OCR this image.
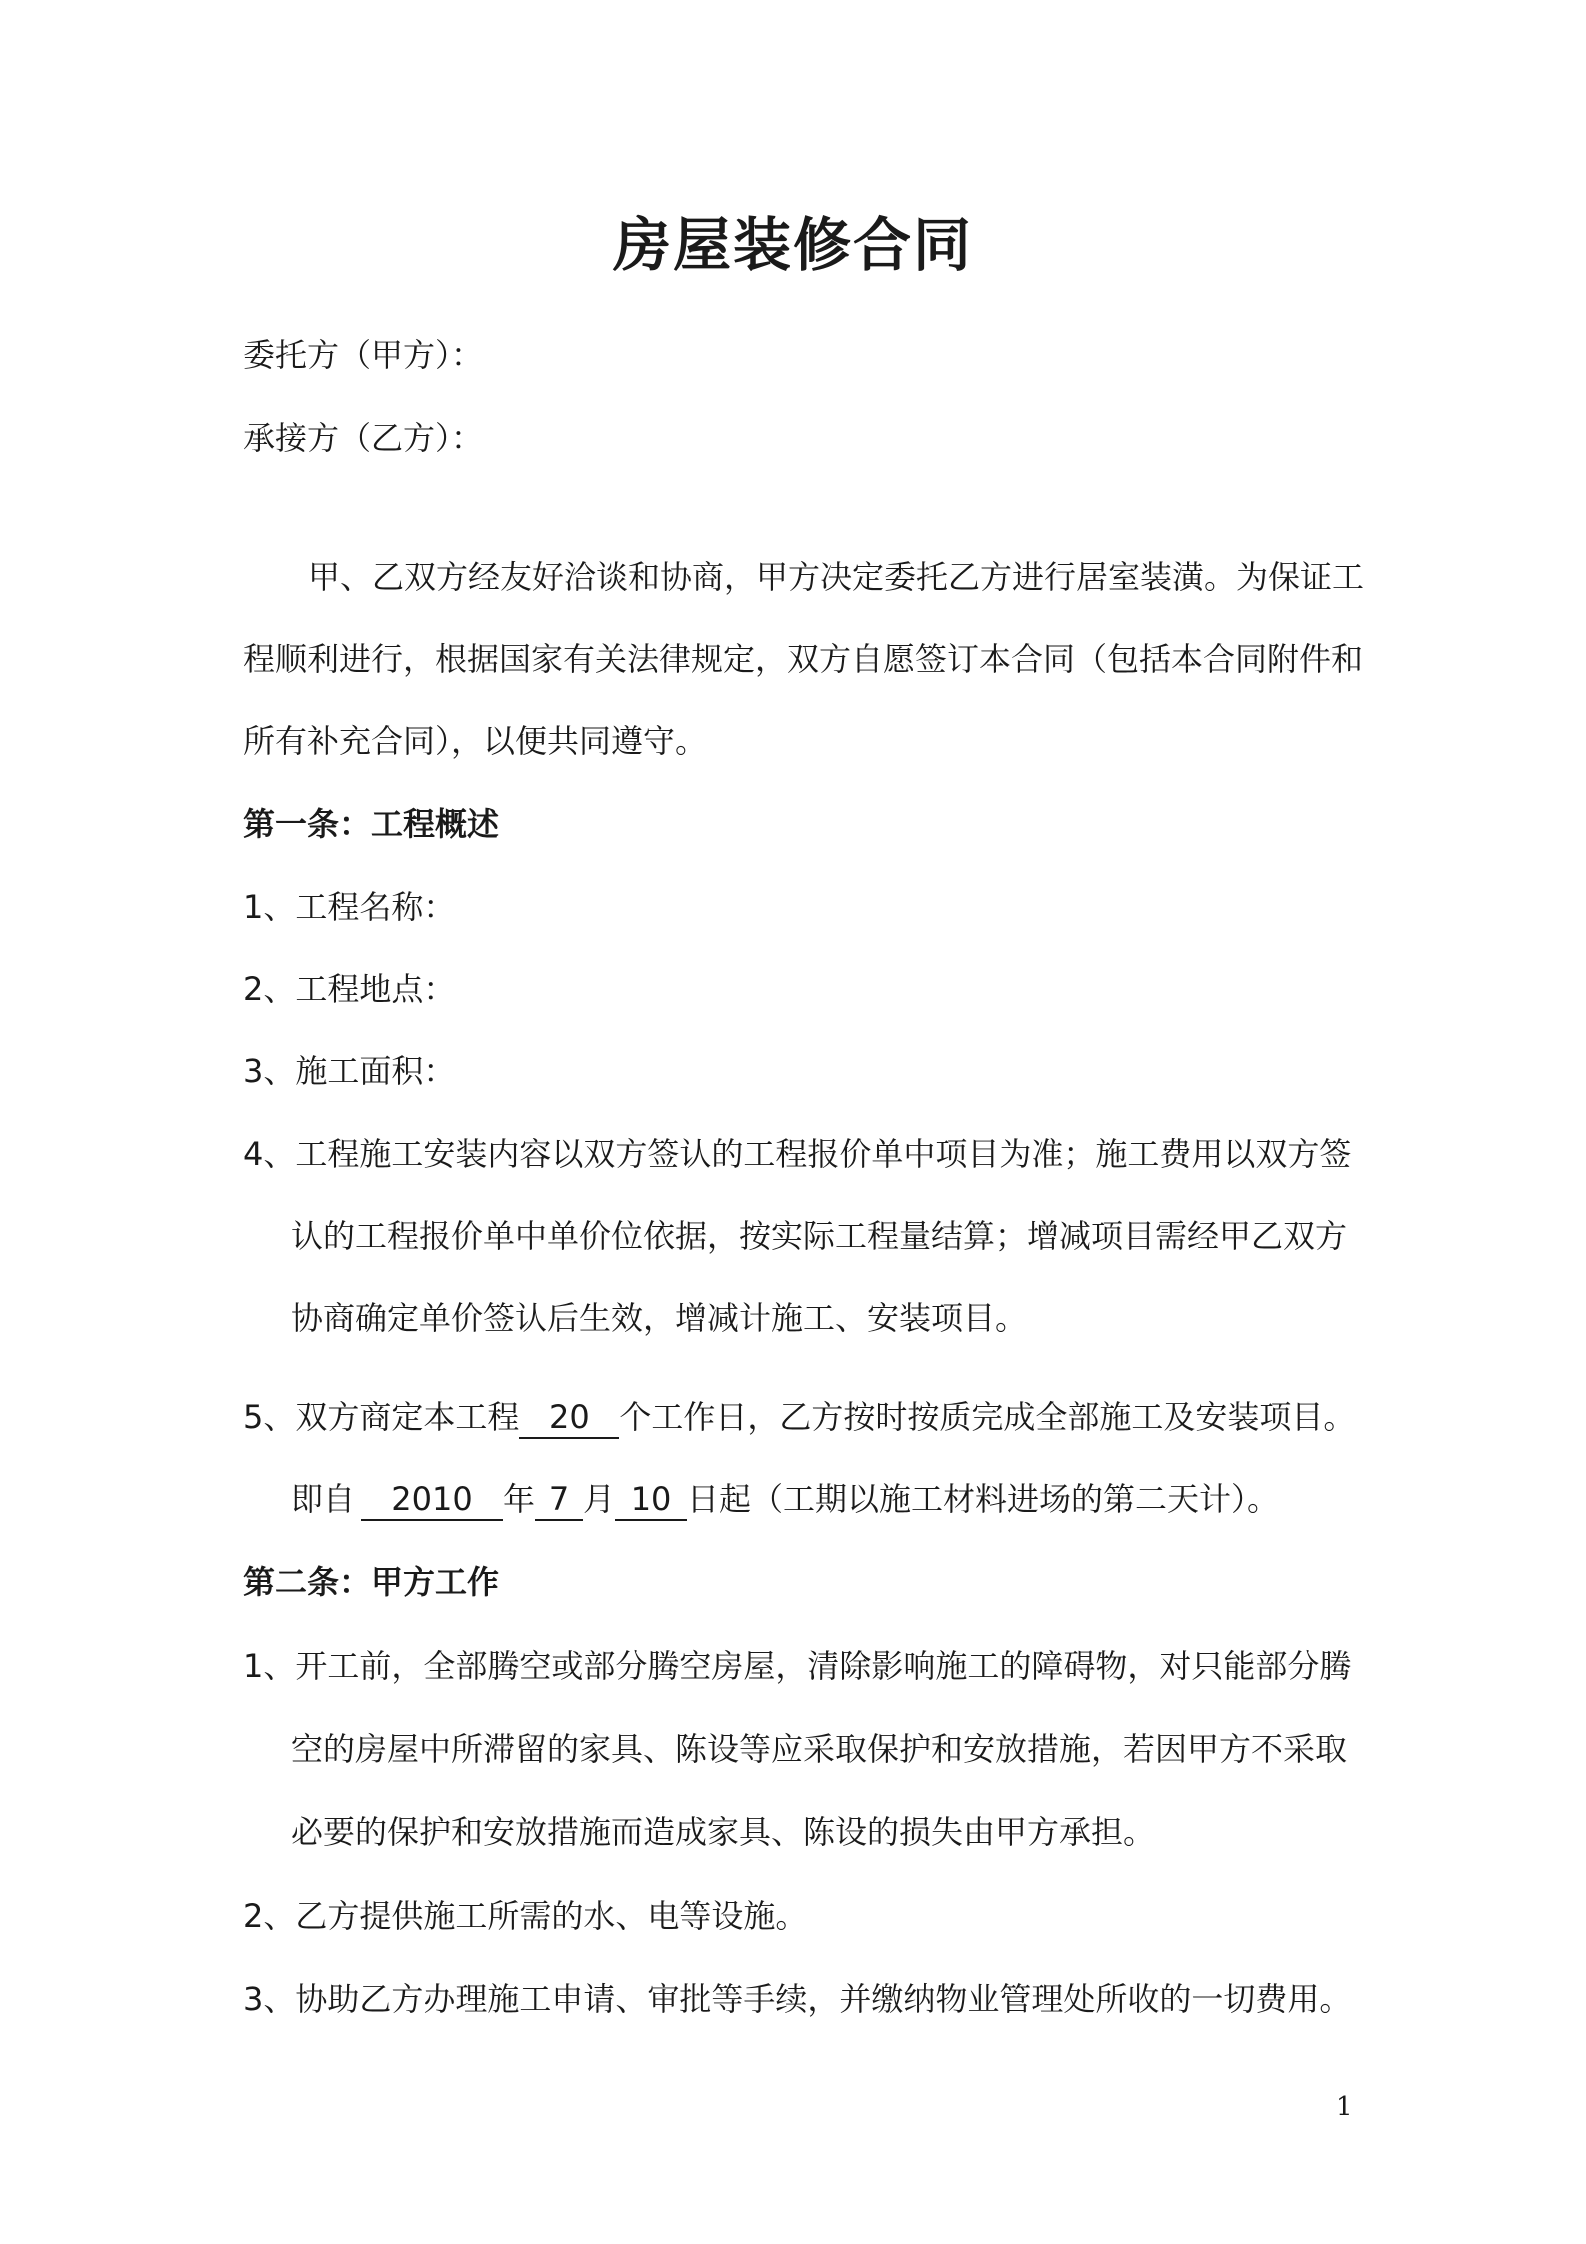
房屋装修合同
委托方（甲方）：
承接方（乙方）：
甲、乙双方经友好洽谈和协商，甲方决定委托乙方进行居室装潢。为保证工
程顺利进行，根据国家有关法律规定，双方自愿签订本合同（包括本合同附件和
所有补充合同），以便共同遵守。
第一条：工程概述
1、工程名称：
2、工程地点：
3、施工面积：
4、工程施工安装内容以双方签认的工程报价单中项目为准；施工费用以双方签
认的工程报价单中单价位依据，按实际工程量结算；增减项目需经甲乙双方
协商确定单价签认后生效，增减计施工、安装项目。
5、双方商定本工程 20 个工作日，乙方按时按质完成全部施工及安装项目。
即自 2010 年 7 月 10 日起（工期以施工材料进场的第二天计）。
第二条：甲方工作
1、开工前，全部腾空或部分腾空房屋，清除影响施工的障碍物，对只能部分腾
空的房屋中所滞留的家具、陈设等应采取保护和安放措施，若因甲方不采取
必要的保护和安放措施而造成家具、陈设的损失由甲方承担。
2、乙方提供施工所需的水、电等设施。
3、协助乙方办理施工申请、审批等手续，并缴纳物业管理处所收的一切费用。
1
